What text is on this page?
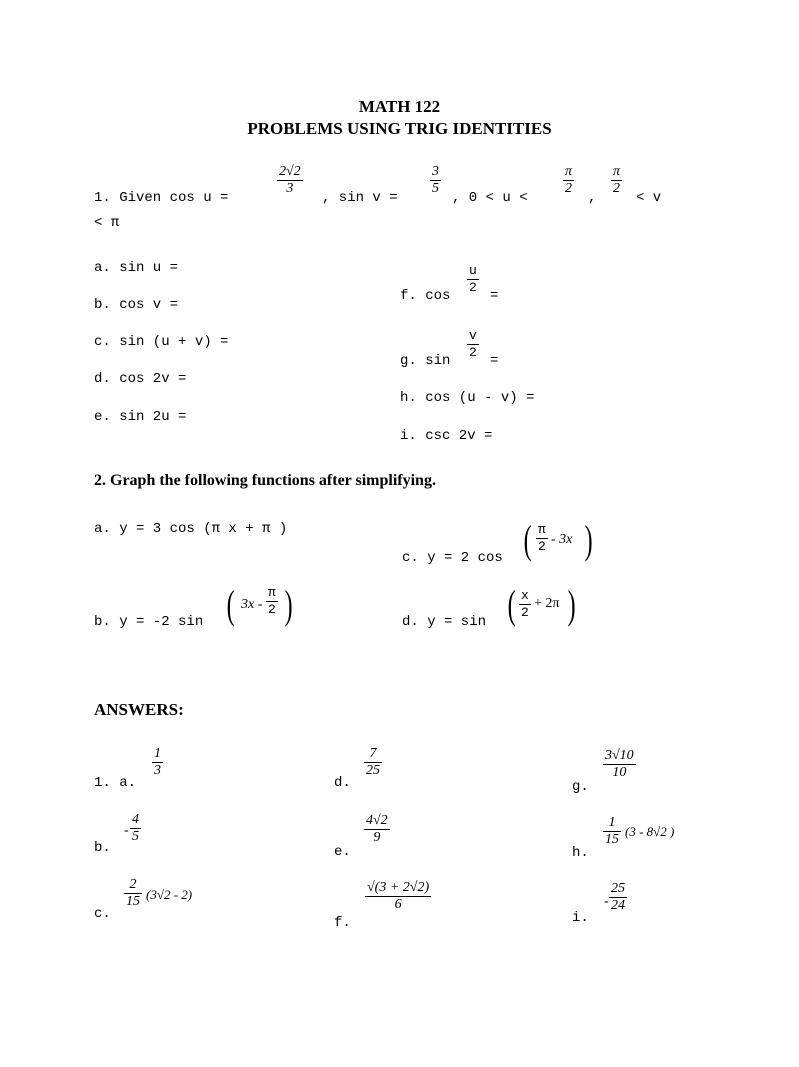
MATH 122
PROBLEMS USING TRIG IDENTITIES
1. Given cos u =
2√2
3
, sin v =
3
5
, 0 < u <
π
2
,
π
2
< v
< π
a. sin u =
b. cos v =
c. sin (u + v) =
d. cos 2v =
e. sin 2u =
f. cos
u
2
=
g. sin
v
2
=
h. cos (u - v) =
i. csc 2v =
2. Graph the following functions after simplifying.
a. y = 3 cos (π x + π )
b. y = -2 sin ( 3x -
π
2 )
c. y = 2 cos ( π
2 - 3x )
d. y = sin ( x
2
+ 2π )
ANSWERS:
1. a.
1
3
b.
-
4
5
c.
2
15 (3√2 - 2)
d.
7
25
e.
4√2
9
f.
√(3 + 2√2)
6
g.
3√10
10
h.
1
15
(3 - 8√2 )
i.
-
25
24
